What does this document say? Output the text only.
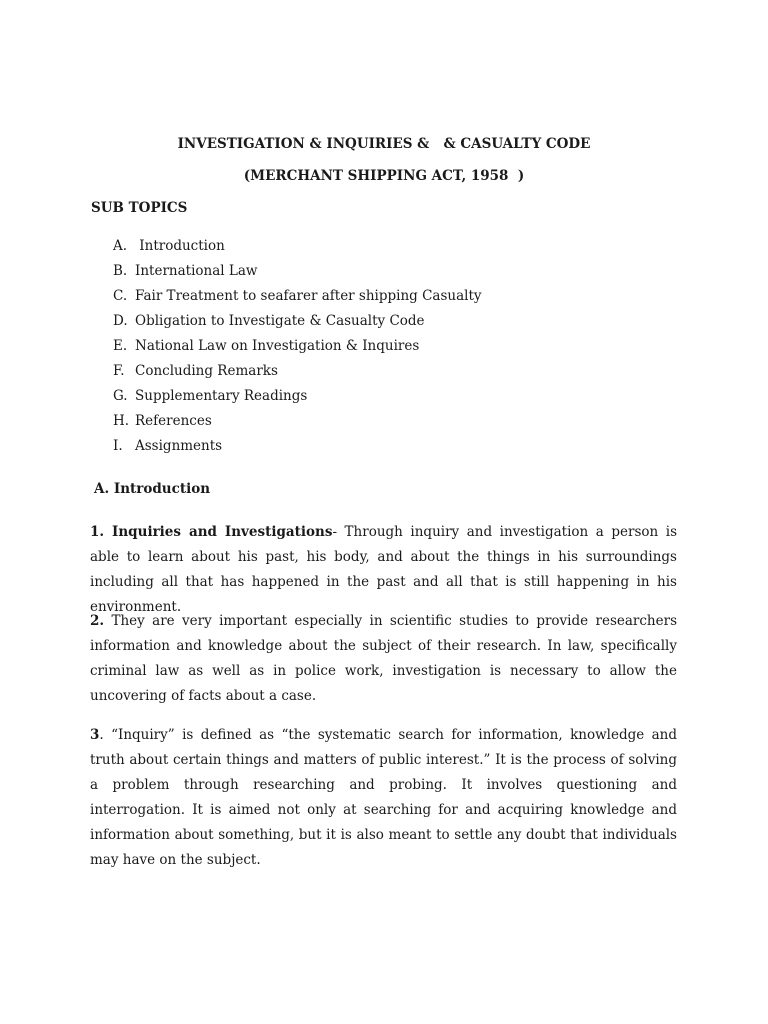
INVESTIGATION & INQUIRIES &   & CASUALTY CODE
(MERCHANT SHIPPING ACT, 1958  )
SUB TOPICS
A. Introduction
B. International Law
C. Fair Treatment to seafarer after shipping Casualty
D. Obligation to Investigate & Casualty Code
E. National Law on Investigation & Inquires
F. Concluding Remarks
G. Supplementary Readings
H. References
I. Assignments
A. Introduction

1. Inquiries and Investigations- Through inquiry and investigation a person is able to learn about his past, his body, and about the things in his surroundings including all that has happened in the past and all that is still happening in his environment.

2. They are very important especially in scientific studies to provide researchers information and knowledge about the subject of their research. In law, specifically criminal law as well as in police work, investigation is necessary to allow the uncovering of facts about a case.

3. “Inquiry” is defined as “the systematic search for information, knowledge and truth about certain things and matters of public interest.” It is the process of solving a problem through researching and probing. It involves questioning and interrogation. It is aimed not only at searching for and acquiring knowledge and information about something, but it is also meant to settle any doubt that individuals may have on the subject.
